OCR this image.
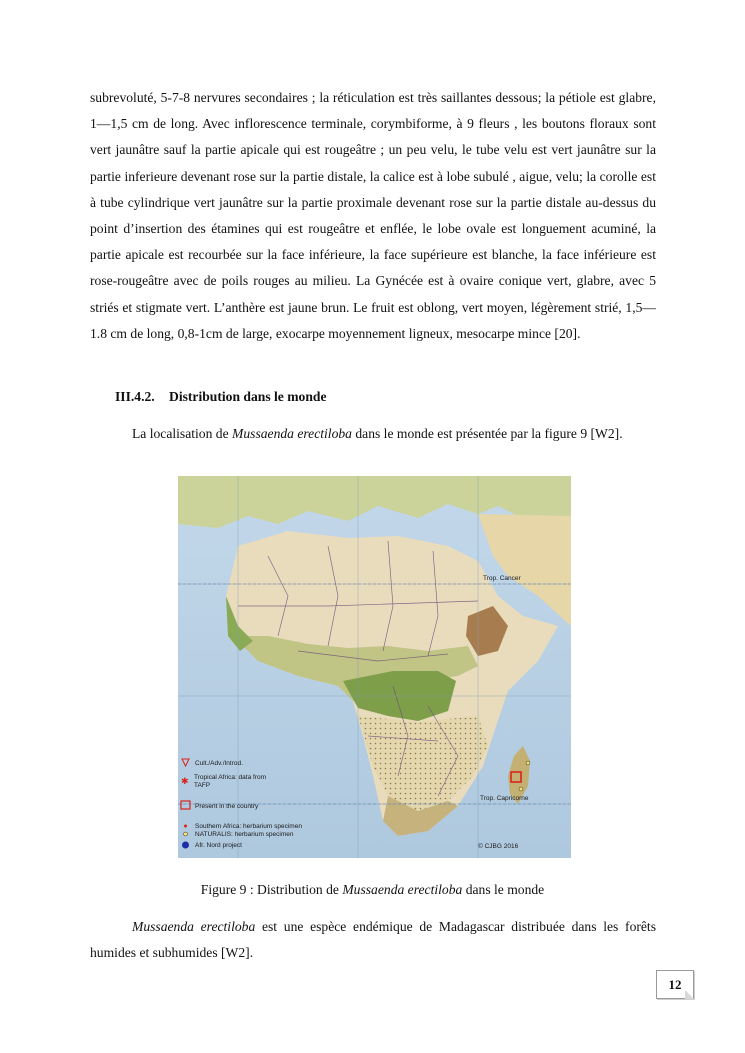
subrevoluté, 5-7-8 nervures secondaires ; la réticulation est très saillantes dessous; la pétiole est glabre, 1—1,5 cm de long. Avec inflorescence terminale, corymbiforme, à 9 fleurs , les boutons floraux sont vert jaunâtre sauf la partie apicale qui est rougeâtre ; un peu velu, le tube velu est vert jaunâtre sur la partie inferieure devenant rose sur la partie distale, la calice est à lobe subulé , aigue, velu; la corolle est à tube cylindrique vert jaunâtre sur la partie proximale devenant rose sur la partie distale au-dessus du point d’insertion des étamines qui est rougeâtre et enflée, le lobe ovale est longuement acuminé, la partie apicale est recourbée sur la face inférieure, la face supérieure est blanche, la face inférieure est rose-rougeâtre avec de poils rouges au milieu. La Gynécée est à ovaire conique vert, glabre, avec 5 striés et stigmate vert. L’anthère est jaune brun. Le fruit est oblong, vert moyen, légèrement strié, 1,5—1.8 cm de long, 0,8-1cm de large, exocarpe moyennement ligneux, mesocarpe mince [20].
III.4.2. Distribution dans le monde
La localisation de Mussaenda erectiloba dans le monde est présentée par la figure 9 [W2].
Trop. Cancer
Trop. Capricorne
© CJBG 2016
Cult./Adv./Introd.
✱ Tropical Africa: data from TAFP
Present in the country
Southern Africa: herbarium specimen
NATURALIS: herbarium specimen
Afr. Nord project
Figure 9 : Distribution de Mussaenda erectiloba dans le monde
Mussaenda erectiloba est une espèce endémique de Madagascar distribuée dans les forêts humides et subhumides [W2].
12
